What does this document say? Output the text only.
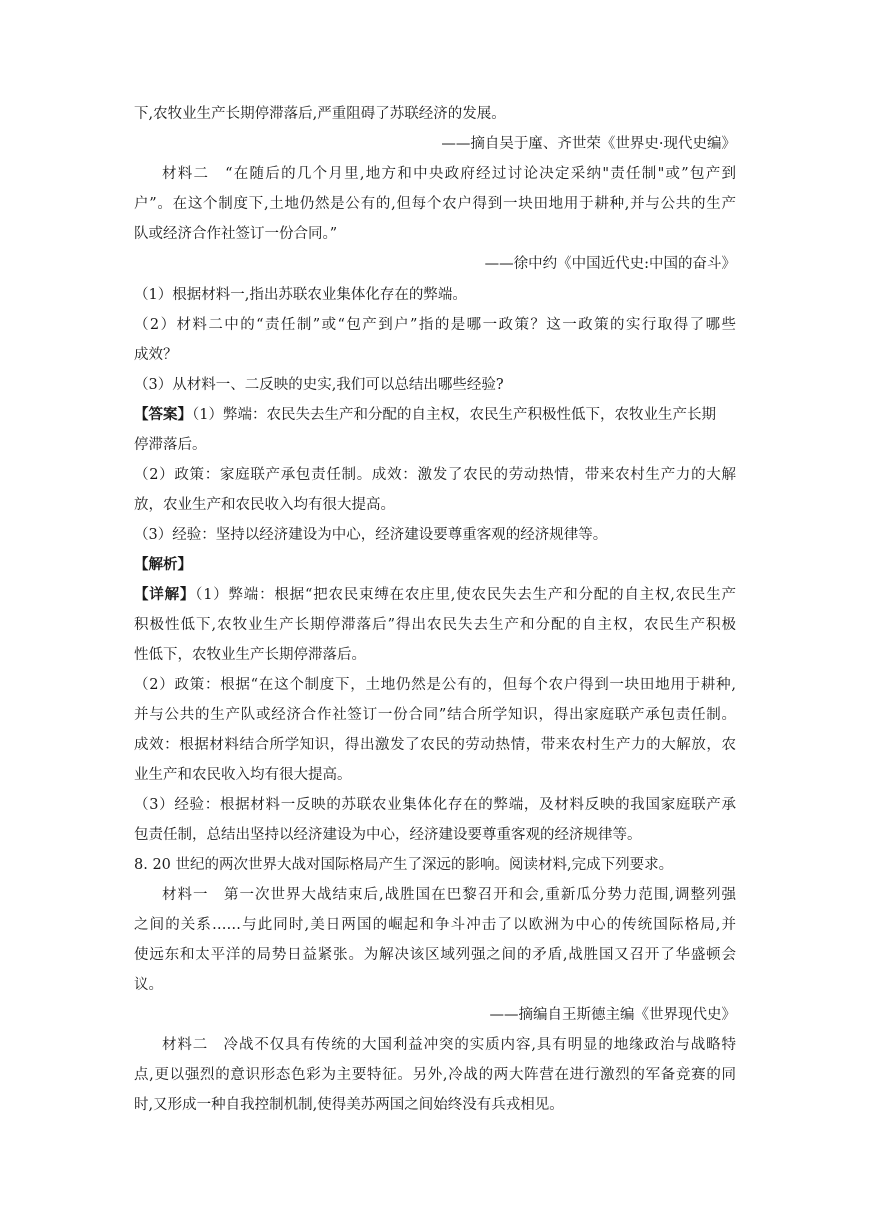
下,农牧业生产长期停滞落后,严重阻碍了苏联经济的发展。
——摘自吴于廑、齐世荣《世界史·现代史编》
材料二　“在随后的几个月里,地方和中央政府经过讨论决定采纳"责任制"或”包产到
户”。在这个制度下,土地仍然是公有的,但每个农户得到一块田地用于耕种,并与公共的生产
队或经济合作社签订一份合同。”
——徐中约《中国近代史:中国的奋斗》
（1）根据材料一,指出苏联农业集体化存在的弊端。
（2）材料二中的“责任制”或“包产到户”指的是哪一政策？这一政策的实行取得了哪些
成效？
（3）从材料一、二反映的史实,我们可以总结出哪些经验?
【答案】（1）弊端：农民失去生产和分配的自主权，农民生产积极性低下，农牧业生产长期
停滞落后。
（2）政策：家庭联产承包责任制。成效：激发了农民的劳动热情，带来农村生产力的大解
放，农业生产和农民收入均有很大提高。
（3）经验：坚持以经济建设为中心，经济建设要尊重客观的经济规律等。
【解析】
【详解】（1）弊端：根据“把农民束缚在农庄里,使农民失去生产和分配的自主权,农民生产
积极性低下,农牧业生产长期停滞落后”得出农民失去生产和分配的自主权，农民生产积极
性低下，农牧业生产长期停滞落后。
（2）政策：根据“在这个制度下，土地仍然是公有的，但每个农户得到一块田地用于耕种,
并与公共的生产队或经济合作社签订一份合同”结合所学知识，得出家庭联产承包责任制。
成效：根据材料结合所学知识，得出激发了农民的劳动热情，带来农村生产力的大解放，农
业生产和农民收入均有很大提高。
（3）经验：根据材料一反映的苏联农业集体化存在的弊端，及材料反映的我国家庭联产承
包责任制，总结出坚持以经济建设为中心，经济建设要尊重客观的经济规律等。
8. 20 世纪的两次世界大战对国际格局产生了深远的影响。阅读材料,完成下列要求。
材料一　第一次世界大战结束后,战胜国在巴黎召开和会,重新瓜分势力范围,调整列强
之间的关系……与此同时,美日两国的崛起和争斗冲击了以欧洲为中心的传统国际格局,并
使远东和太平洋的局势日益紧张。为解决该区域列强之间的矛盾,战胜国又召开了华盛顿会
议。
——摘编自王斯德主编《世界现代史》
材料二　冷战不仅具有传统的大国利益冲突的实质内容,具有明显的地缘政治与战略特
点,更以强烈的意识形态色彩为主要特征。另外,冷战的两大阵营在进行激烈的军备竞赛的同
时,又形成一种自我控制机制,使得美苏两国之间始终没有兵戎相见。
